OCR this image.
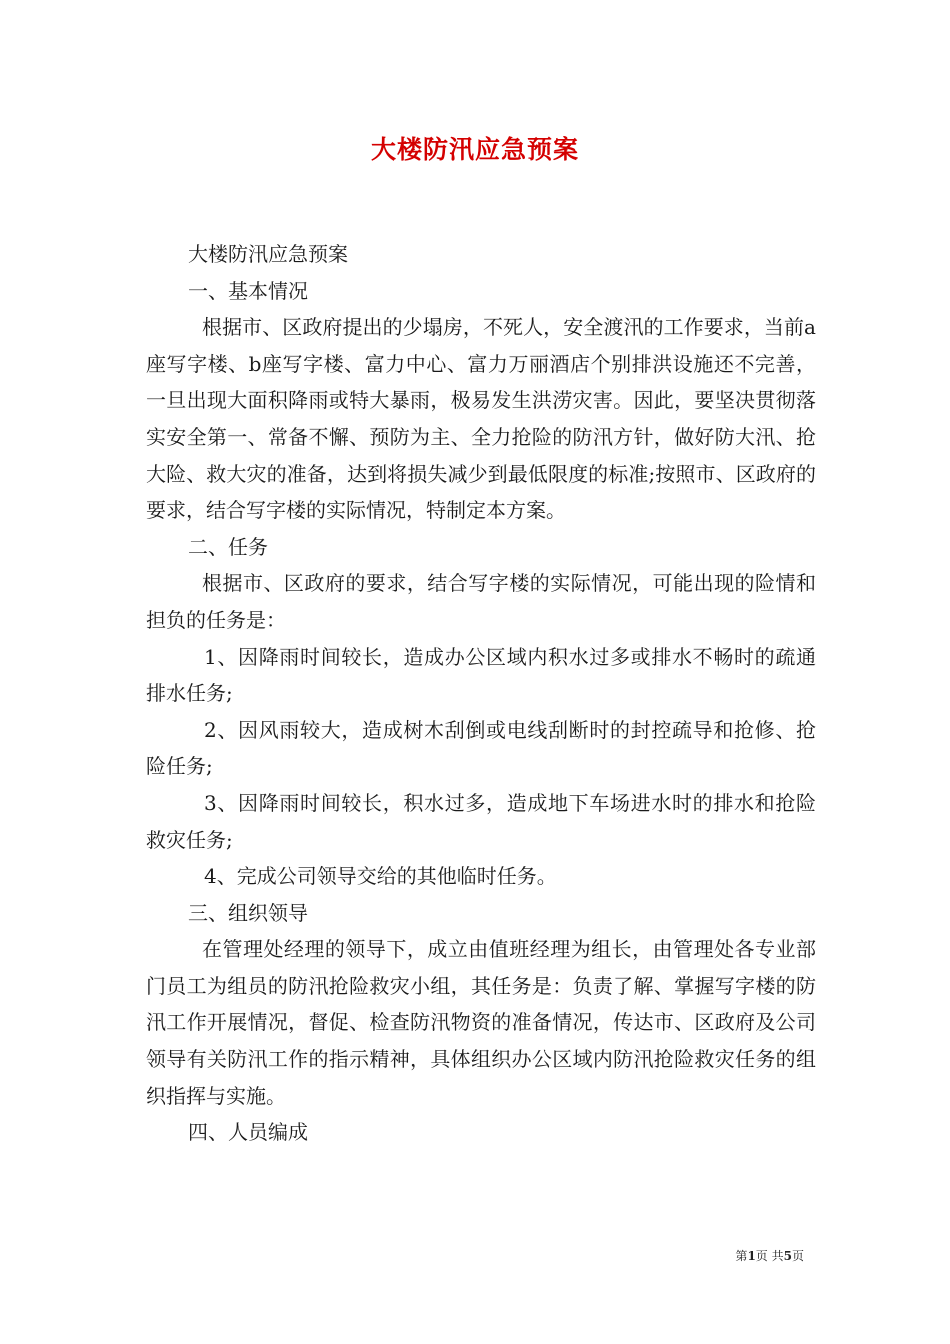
大楼防汛应急预案

大楼防汛应急预案

一、基本情况

根据市、区政府提出的少塌房，不死人，安全渡汛的工作要求，当前a座写字楼、b座写字楼、富力中心、富力万丽酒店个别排洪设施还不完善，一旦出现大面积降雨或特大暴雨，极易发生洪涝灾害。因此，要坚决贯彻落实安全第一、常备不懈、预防为主、全力抢险的防汛方针，做好防大汛、抢大险、救大灾的准备，达到将损失减少到最低限度的标准;按照市、区政府的要求，结合写字楼的实际情况，特制定本方案。

二、任务

根据市、区政府的要求，结合写字楼的实际情况，可能出现的险情和担负的任务是：

1、因降雨时间较长，造成办公区域内积水过多或排水不畅时的疏通排水任务;

2、因风雨较大，造成树木刮倒或电线刮断时的封控疏导和抢修、抢险任务;

3、因降雨时间较长，积水过多，造成地下车场进水时的排水和抢险救灾任务;

4、完成公司领导交给的其他临时任务。

三、组织领导

在管理处经理的领导下，成立由值班经理为组长，由管理处各专业部门员工为组员的防汛抢险救灾小组，其任务是：负责了解、掌握写字楼的防汛工作开展情况，督促、检查防汛物资的准备情况，传达市、区政府及公司领导有关防汛工作的指示精神，具体组织办公区域内防汛抢险救灾任务的组织指挥与实施。

四、人员编成

第1页 共5页
